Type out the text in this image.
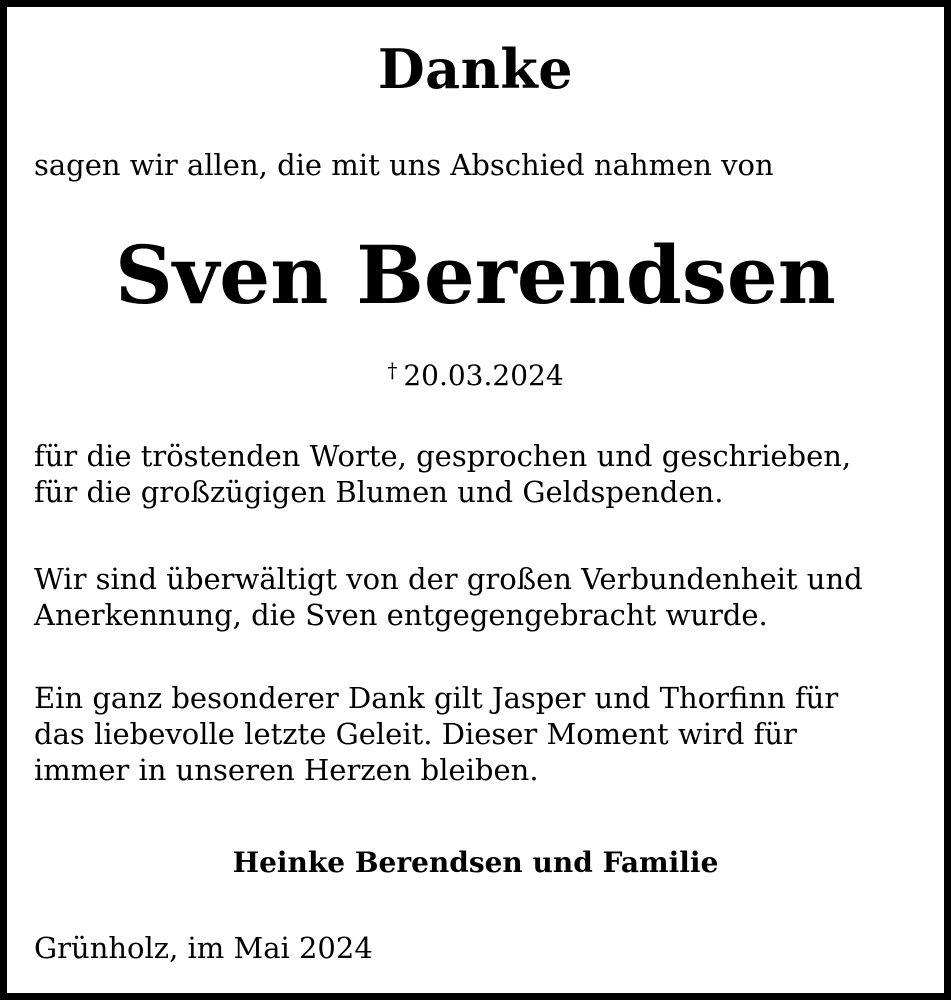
Danke
sagen wir allen, die mit uns Abschied nahmen von
Sven Berendsen
† 20.03.2024
für die tröstenden Worte, gesprochen und geschrieben,
für die großzügigen Blumen und Geldspenden.
Wir sind überwältigt von der großen Verbundenheit und
Anerkennung, die Sven entgegengebracht wurde.
Ein ganz besonderer Dank gilt Jasper und Thorfinn für
das liebevolle letzte Geleit. Dieser Moment wird für
immer in unseren Herzen bleiben.
Heinke Berendsen und Familie
Grünholz, im Mai 2024
